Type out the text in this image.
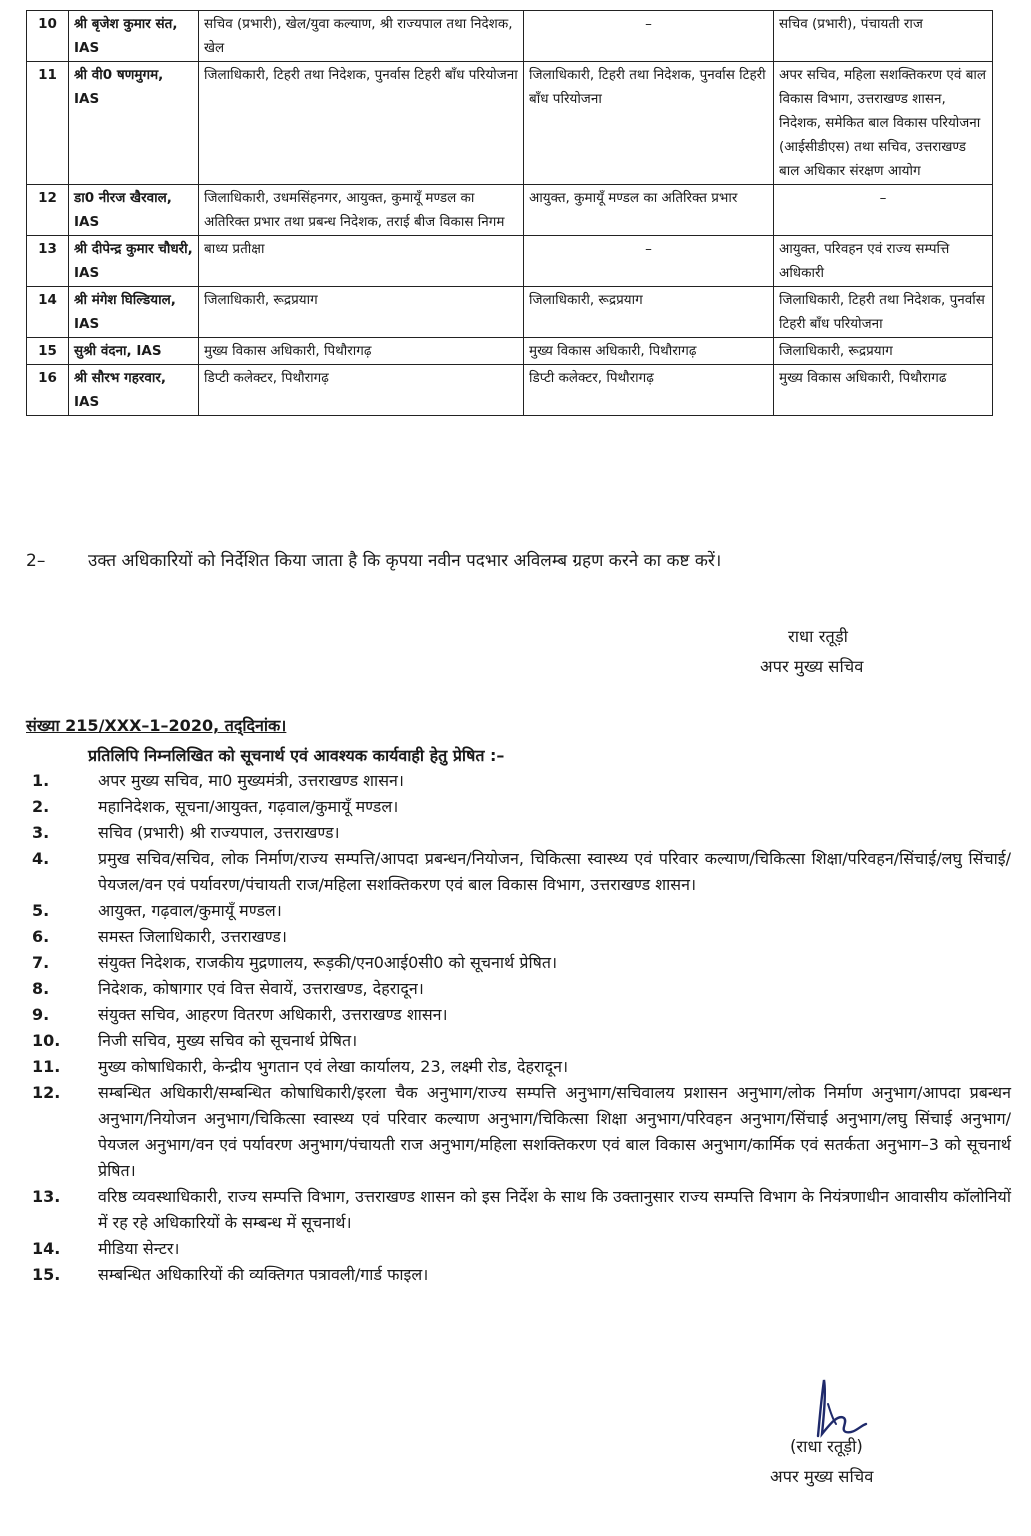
10	श्री बृजेश कुमार संत, IAS	सचिव (प्रभारी), खेल/युवा कल्याण, श्री राज्यपाल तथा निदेशक, खेल	–	सचिव (प्रभारी), पंचायती राज
11	श्री वी0 षणमुगम, IAS	जिलाधिकारी, टिहरी तथा निदेशक, पुनर्वास टिहरी बाँध परियोजना	जिलाधिकारी, टिहरी तथा निदेशक, पुनर्वास टिहरी बाँध परियोजना	अपर सचिव, महिला सशक्तिकरण एवं बाल विकास विभाग, उत्तराखण्ड शासन, निदेशक, समेकित बाल विकास परियोजना (आईसीडीएस) तथा सचिव, उत्तराखण्ड बाल अधिकार संरक्षण आयोग
12	डा0 नीरज खैरवाल, IAS	जिलाधिकारी, उधमसिंहनगर, आयुक्त, कुमायूँ मण्डल का अतिरिक्त प्रभार तथा प्रबन्ध निदेशक, तराई बीज विकास निगम	आयुक्त, कुमायूँ मण्डल का अतिरिक्त प्रभार	–
13	श्री दीपेन्द्र कुमार चौधरी, IAS	बाध्य प्रतीक्षा	–	आयुक्त, परिवहन एवं राज्य सम्पत्ति अधिकारी
14	श्री मंगेश घिल्डियाल, IAS	जिलाधिकारी, रूद्रप्रयाग	जिलाधिकारी, रूद्रप्रयाग	जिलाधिकारी, टिहरी तथा निदेशक, पुनर्वास टिहरी बाँध परियोजना
15	सुश्री वंदना, IAS	मुख्य विकास अधिकारी, पिथौरागढ़	मुख्य विकास अधिकारी, पिथौरागढ़	जिलाधिकारी, रूद्रप्रयाग
16	श्री सौरभ गहरवार, IAS	डिप्टी कलेक्टर, पिथौरागढ़	डिप्टी कलेक्टर, पिथौरागढ़	मुख्य विकास अधिकारी, पिथौरागढ
2–	उक्त अधिकारियों को निर्देशित किया जाता है कि कृपया नवीन पदभार अविलम्ब ग्रहण करने का कष्ट करें।
राधा रतूड़ी
अपर मुख्य सचिव
संख्या 215/XXX–1–2020, तद्‌दिनांक।
प्रतिलिपि निम्नलिखित को सूचनार्थ एवं आवश्यक कार्यवाही हेतु प्रेषित :–
1.	अपर मुख्य सचिव, मा0 मुख्यमंत्री, उत्तराखण्ड शासन।
2.	महानिदेशक, सूचना/आयुक्त, गढ़वाल/कुमायूँ मण्डल।
3.	सचिव (प्रभारी) श्री राज्यपाल, उत्तराखण्ड।
4.	प्रमुख सचिव/सचिव, लोक निर्माण/राज्य सम्पत्ति/आपदा प्रबन्धन/नियोजन, चिकित्सा स्वास्थ्य एवं परिवार कल्याण/चिकित्सा शिक्षा/परिवहन/सिंचाई/लघु सिंचाई/पेयजल/वन एवं पर्यावरण/पंचायती राज/महिला सशक्तिकरण एवं बाल विकास विभाग, उत्तराखण्ड शासन।
5.	आयुक्त, गढ़वाल/कुमायूँ मण्डल।
6.	समस्त जिलाधिकारी, उत्तराखण्ड।
7.	संयुक्त निदेशक, राजकीय मुद्रणालय, रूड़की/एन0आई0सी0 को सूचनार्थ प्रेषित।
8.	निदेशक, कोषागार एवं वित्त सेवायें, उत्तराखण्ड, देहरादून।
9.	संयुक्त सचिव, आहरण वितरण अधिकारी, उत्तराखण्ड शासन।
10. निजी सचिव, मुख्य सचिव को सूचनार्थ प्रेषित।
11. मुख्य कोषाधिकारी, केन्द्रीय भुगतान एवं लेखा कार्यालय, 23, लक्ष्मी रोड, देहरादून।
12. सम्बन्धित अधिकारी/सम्बन्धित कोषाधिकारी/इरला चैक अनुभाग/राज्य सम्पत्ति अनुभाग/सचिवालय प्रशासन अनुभाग/लोक निर्माण अनुभाग/आपदा प्रबन्धन अनुभाग/नियोजन अनुभाग/चिकित्सा स्वास्थ्य एवं परिवार कल्याण अनुभाग/चिकित्सा शिक्षा अनुभाग/परिवहन अनुभाग/सिंचाई अनुभाग/लघु सिंचाई अनुभाग/पेयजल अनुभाग/वन एवं पर्यावरण अनुभाग/पंचायती राज अनुभाग/महिला सशक्तिकरण एवं बाल विकास अनुभाग/कार्मिक एवं सतर्कता अनुभाग–3 को सूचनार्थ प्रेषित।
13. वरिष्ठ व्यवस्थाधिकारी, राज्य सम्पत्ति विभाग, उत्तराखण्ड शासन को इस निर्देश के साथ कि उक्तानुसार राज्य सम्पत्ति विभाग के नियंत्रणाधीन आवासीय कॉलोनियों में रह रहे अधिकारियों के सम्बन्ध में सूचनार्थ।
14. मीडिया सेन्टर।
15. सम्बन्धित अधिकारियों की व्यक्तिगत पत्रावली/गार्ड फाइल।
(राधा रतूड़ी)
अपर मुख्य सचिव
